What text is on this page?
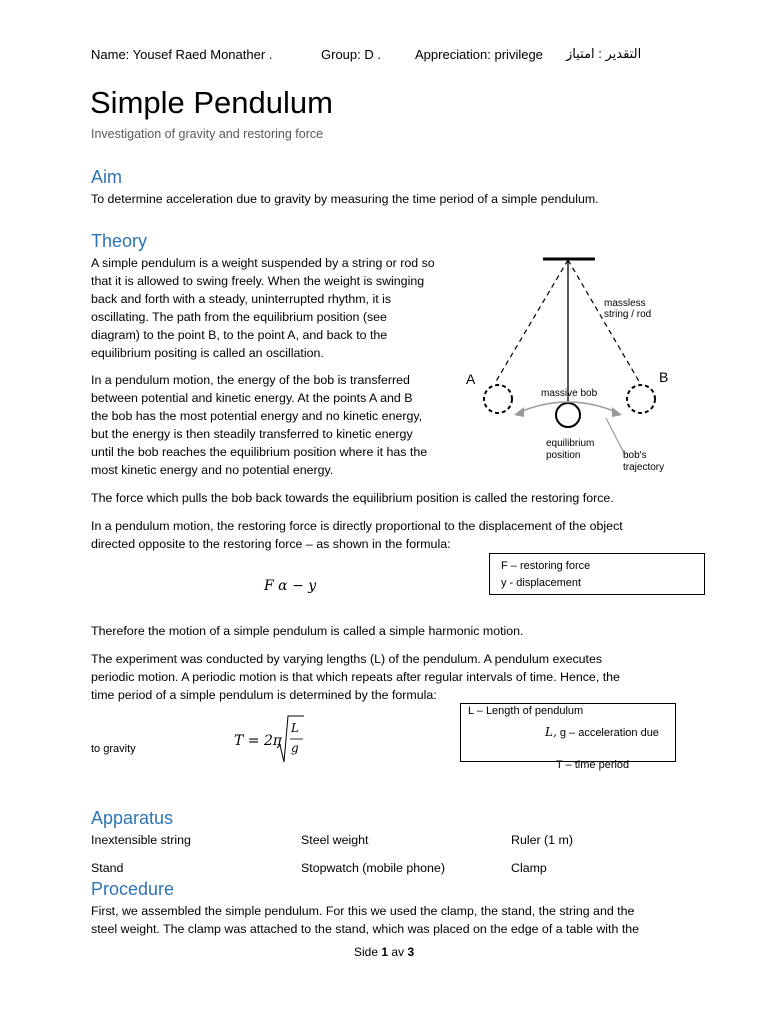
Name: Yousef Raed Monather .	Group: D .	Appreciation: privilege التقدير : امتياز
Simple Pendulum
Investigation of gravity and restoring force
Aim
To determine acceleration due to gravity by measuring the time period of a simple pendulum.
Theory
A simple pendulum is a weight suspended by a string or rod so
that it is allowed to swing freely. When the weight is swinging
back and forth with a steady, uninterrupted rhythm, it is
oscillating. The path from the equilibrium position (see
diagram) to the point B, to the point A, and back to the
equilibrium positing is called an oscillation.
In a pendulum motion, the energy of the bob is transferred
between potential and kinetic energy. At the points A and B
the bob has the most potential energy and no kinetic energy,
but the energy is then steadily transferred to kinetic energy
until the bob reaches the equilibrium position where it has the
most kinetic energy and no potential energy.
A	B
massless
string / rod
massive bob
equilibrium
position	bob's
trajectory
The force which pulls the bob back towards the equilibrium position is called the restoring force.
In a pendulum motion, the restoring force is directly proportional to the displacement of the object
directed opposite to the restoring force – as shown in the formula:
F α − y
F – restoring force
y - displacement
Therefore the motion of a simple pendulum is called a simple harmonic motion.
The experiment was conducted by varying lengths (L) of the pendulum. A pendulum executes
periodic motion. A periodic motion is that which repeats after regular intervals of time. Hence, the
time period of a simple pendulum is determined by the formula:
T = 2π
L
g
L – Length of pendulum
L, g – acceleration due
to gravity
T – time period
Apparatus
Inextensible string	Steel weight	Ruler (1 m)
Stand	Stopwatch (mobile phone)	Clamp
Procedure
First, we assembled the simple pendulum. For this we used the clamp, the stand, the string and the
steel weight. The clamp was attached to the stand, which was placed on the edge of a table with the
Side 1 av 3
